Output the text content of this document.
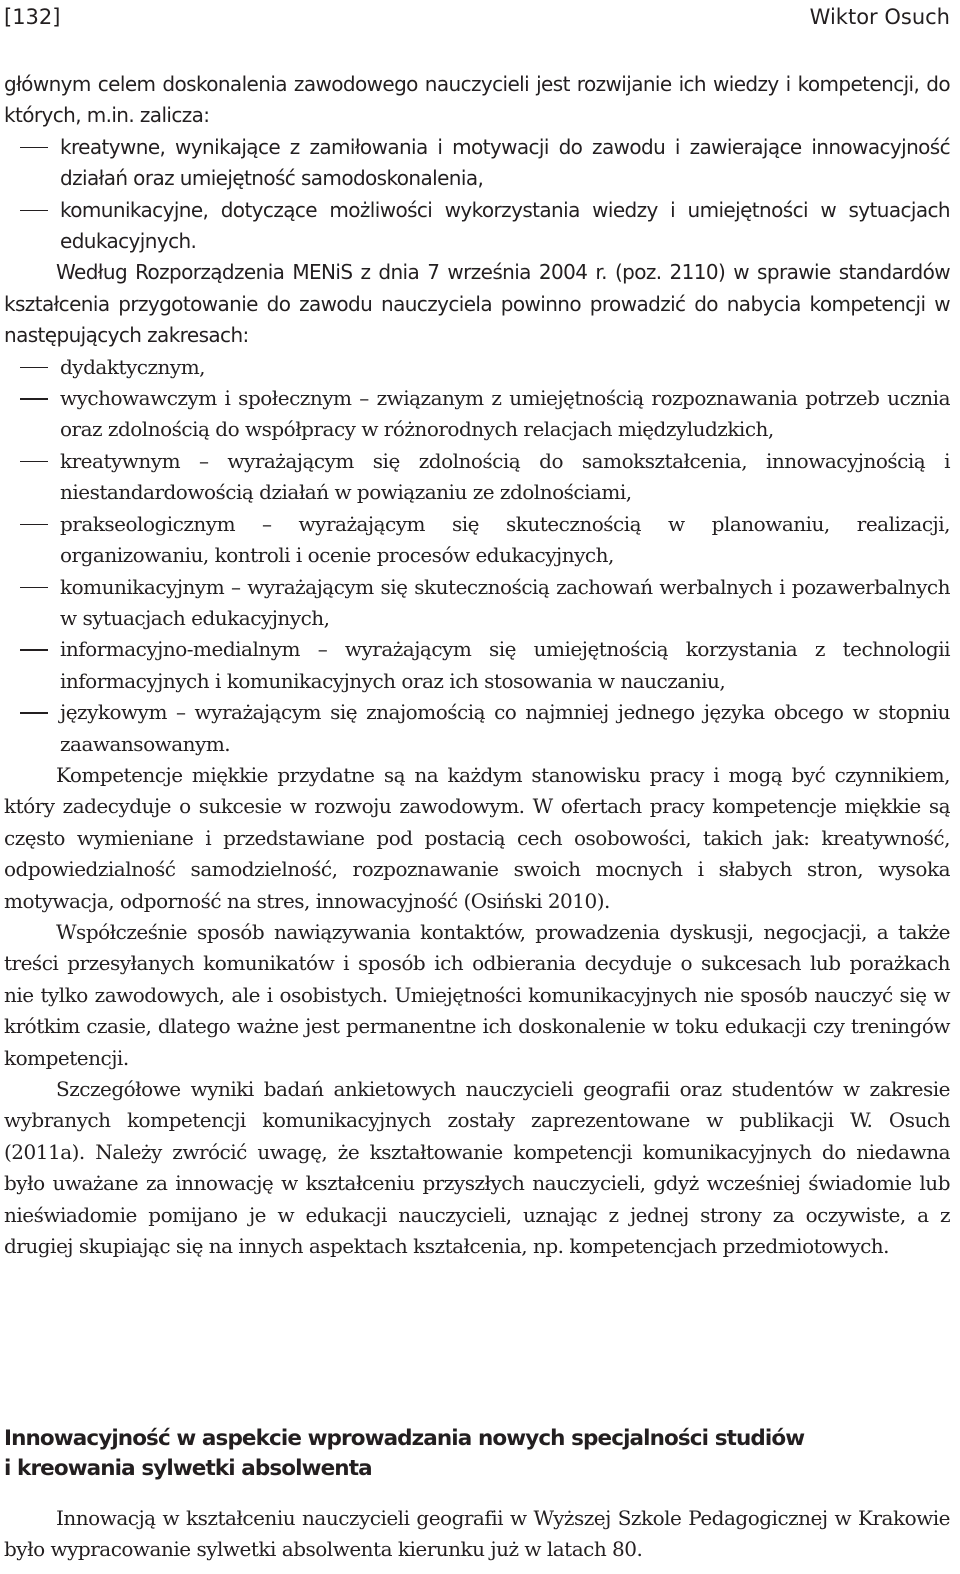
[132]	Wiktor Osuch

głównym celem doskonalenia zawodowego nauczycieli jest rozwijanie ich wiedzy i kompetencji, do których, m.in. zalicza:

kreatywne, wynikające z zamiłowania i motywacji do zawodu i zawierające innowacyjność działań oraz umiejętność samodoskonalenia,
komunikacyjne, dotyczące możliwości wykorzystania wiedzy i umiejętności w sytuacjach edukacyjnych.

Według Rozporządzenia MENiS z dnia 7 września 2004 r. (poz. 2110) w sprawie standardów kształcenia przygotowanie do zawodu nauczyciela powinno prowadzić do nabycia kompetencji w następujących zakresach:

dydaktycznym,
wychowawczym i społecznym – związanym z umiejętnością rozpoznawania potrzeb ucznia oraz zdolnością do współpracy w różnorodnych relacjach międzyludzkich,
kreatywnym – wyrażającym się zdolnością do samokształcenia, innowacyjnością i niestandardowością działań w powiązaniu ze zdolnościami,
prakseologicznym – wyrażającym się skutecznością w planowaniu, realizacji, organizowaniu, kontroli i ocenie procesów edukacyjnych,
komunikacyjnym – wyrażającym się skutecznością zachowań werbalnych i pozawerbalnych w sytuacjach edukacyjnych,
informacyjno-medialnym – wyrażającym się umiejętnością korzystania z technologii informacyjnych i komunikacyjnych oraz ich stosowania w nauczaniu,
językowym – wyrażającym się znajomością co najmniej jednego języka obcego w stopniu zaawansowanym.

Kompetencje miękkie przydatne są na każdym stanowisku pracy i mogą być czynnikiem, który zadecyduje o sukcesie w rozwoju zawodowym. W ofertach pracy kompetencje miękkie są często wymieniane i przedstawiane pod postacią cech osobowości, takich jak: kreatywność, odpowiedzialność samodzielność, rozpoznawanie swoich mocnych i słabych stron, wysoka motywacja, odporność na stres, innowacyjność (Osiński 2010).

Współcześnie sposób nawiązywania kontaktów, prowadzenia dyskusji, negocjacji, a także treści przesyłanych komunikatów i sposób ich odbierania decyduje o sukcesach lub porażkach nie tylko zawodowych, ale i osobistych. Umiejętności komunikacyjnych nie sposób nauczyć się w krótkim czasie, dlatego ważne jest permanentne ich doskonalenie w toku edukacji czy treningów kompetencji.

Szczegółowe wyniki badań ankietowych nauczycieli geografii oraz studentów w zakresie wybranych kompetencji komunikacyjnych zostały zaprezentowane w publikacji W. Osuch (2011a). Należy zwrócić uwagę, że kształtowanie kompetencji komunikacyjnych do niedawna było uważane za innowację w kształceniu przyszłych nauczycieli, gdyż wcześniej świadomie lub nieświadomie pomijano je w edukacji nauczycieli, uznając z jednej strony za oczywiste, a z drugiej skupiając się na innych aspektach kształcenia, np. kompetencjach przedmiotowych.

Innowacyjność w aspekcie wprowadzania nowych specjalności studiów
i kreowania sylwetki absolwenta

Innowacją w kształceniu nauczycieli geografii w Wyższej Szkole Pedagogicznej w Krakowie było wypracowanie sylwetki absolwenta kierunku już w latach 80.
